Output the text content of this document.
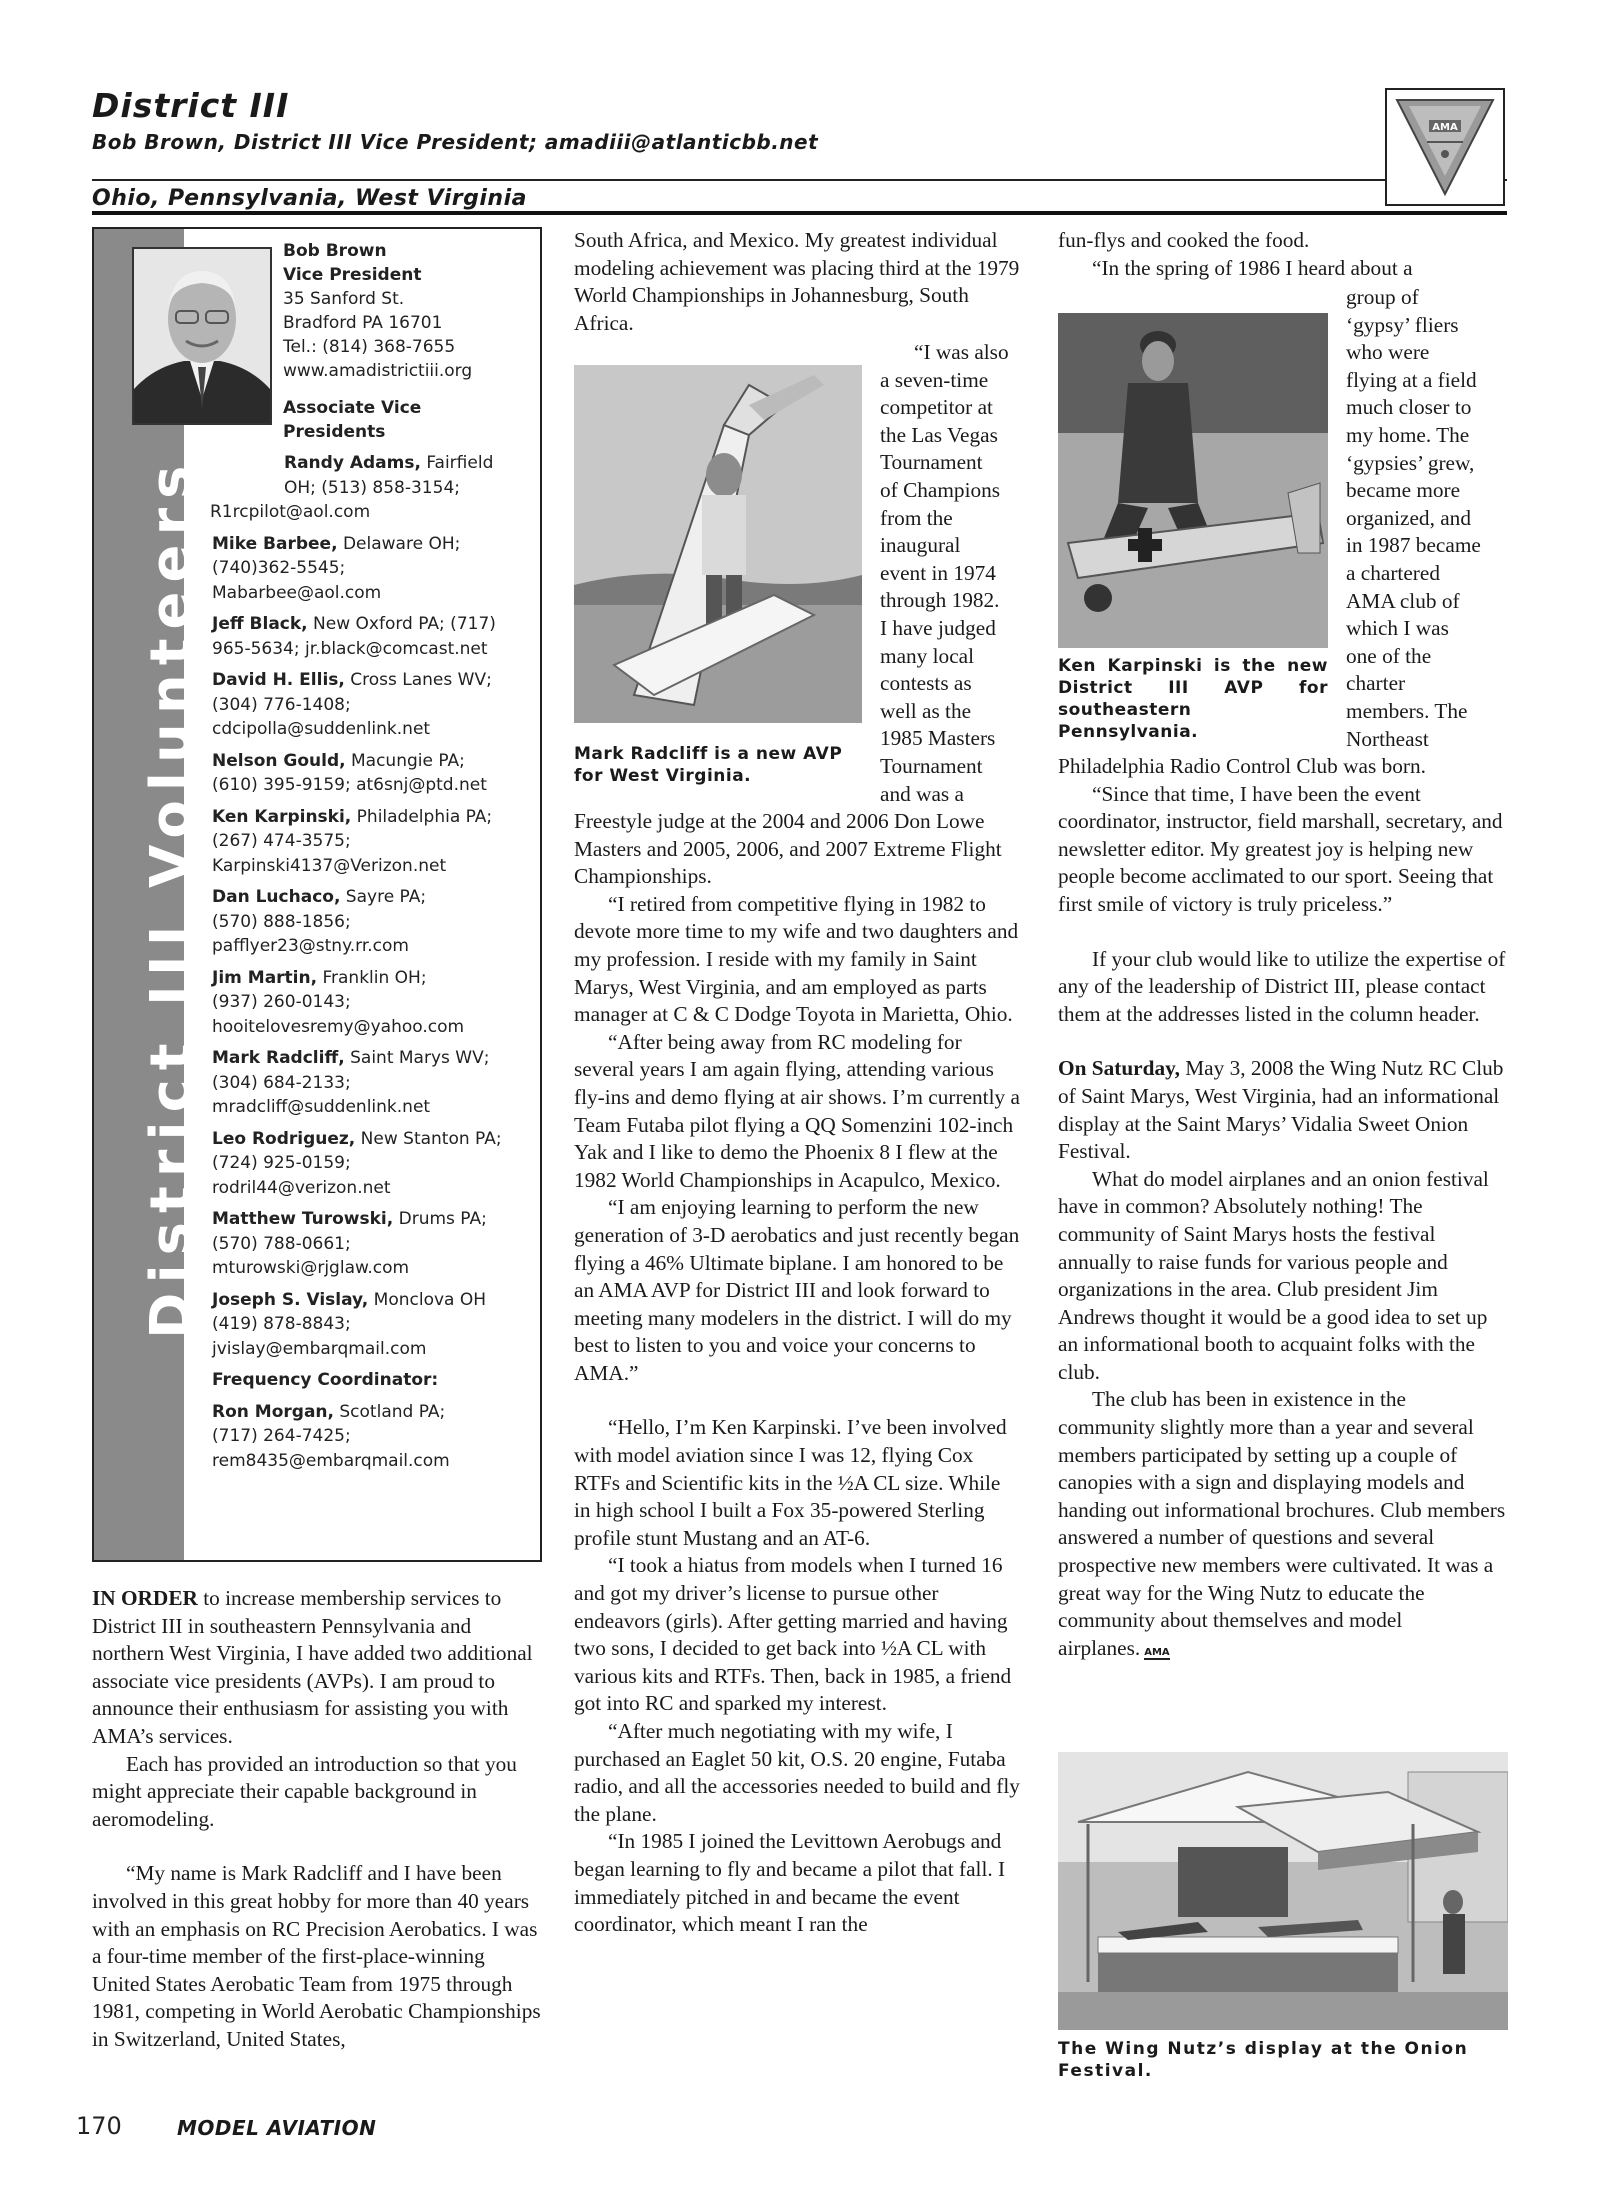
District III
Bob Brown, District III Vice President; amadiii@atlanticbb.net
Ohio, Pennsylvania, West Virginia
AMA
District III Volunteers
Bob Brown
Vice President
35 Sanford St.
Bradford PA 16701
Tel.: (814) 368-7655
www.amadistrictiii.org
Associate Vice
Presidents
Randy Adams, Fairfield
OH; (513) 858-3154;
R1rcpilot@aol.com
Mike Barbee, Delaware OH;
(740)362-5545;
Mabarbee@aol.com
Jeff Black, New Oxford PA; (717)
965-5634; jr.black@comcast.net
David H. Ellis, Cross Lanes WV;
(304) 776-1408;
cdcipolla@suddenlink.net
Nelson Gould, Macungie PA;
(610) 395-9159; at6snj@ptd.net
Ken Karpinski, Philadelphia PA;
(267) 474-3575;
Karpinski4137@Verizon.net
Dan Luchaco, Sayre PA;
(570) 888-1856;
pafflyer23@stny.rr.com
Jim Martin, Franklin OH;
(937) 260-0143;
hooitelovesremy@yahoo.com
Mark Radcliff, Saint Marys WV;
(304) 684-2133;
mradcliff@suddenlink.net
Leo Rodriguez, New Stanton PA;
(724) 925-0159;
rodril44@verizon.net
Matthew Turowski, Drums PA;
(570) 788-0661;
mturowski@rjglaw.com
Joseph S. Vislay, Monclova OH
(419) 878-8843;
jvislay@embarqmail.com
Frequency Coordinator:
Ron Morgan, Scotland PA;
(717) 264-7425;
rem8435@embarqmail.com

IN ORDER to increase membership services to District III in southeastern Pennsylvania and northern West Virginia, I have added two additional associate vice presidents (AVPs). I am proud to announce their enthusiasm for assisting you with AMA’s services.

Each has provided an introduction so that you might appreciate their capable background in aeromodeling.

“My name is Mark Radcliff and I have been involved in this great hobby for more than 40 years with an emphasis on RC Precision Aerobatics. I was a four-time member of the first-place-winning United States Aerobatic Team from 1975 through 1981, competing in World Aerobatic Championships in Switzerland, United States,

South Africa, and Mexico. My greatest individual modeling achievement was placing third at the 1979 World Championships in Johannesburg, South Africa.

Mark Radcliff is a new AVP for West Virginia.
“I was also
a seven-time
competitor at
the Las Vegas
Tournament
of Champions
from the
inaugural
event in 1974
through 1982.
I have judged
many local
contests as
well as the
1985 Masters
Tournament
and was a

Freestyle judge at the 2004 and 2006 Don Lowe Masters and 2005, 2006, and 2007 Extreme Flight Championships.

“I retired from competitive flying in 1982 to devote more time to my wife and two daughters and my profession. I reside with my family in Saint Marys, West Virginia, and am employed as parts manager at C & C Dodge Toyota in Marietta, Ohio.

“After being away from RC modeling for several years I am again flying, attending various fly-ins and demo flying at air shows. I’m currently a Team Futaba pilot flying a QQ Somenzini 102-inch Yak and I like to demo the Phoenix 8 I flew at the 1982 World Championships in Acapulco, Mexico.

“I am enjoying learning to perform the new generation of 3-D aerobatics and just recently began flying a 46% Ultimate biplane. I am honored to be an AMA AVP for District III and look forward to meeting many modelers in the district. I will do my best to listen to you and voice your concerns to AMA.”

“Hello, I’m Ken Karpinski. I’ve been involved with model aviation since I was 12, flying Cox RTFs and Scientific kits in the ½A CL size. While in high school I built a Fox 35-powered Sterling profile stunt Mustang and an AT-6.

“I took a hiatus from models when I turned 16 and got my driver’s license to pursue other endeavors (girls). After getting married and having two sons, I decided to get back into ½A CL with various kits and RTFs. Then, back in 1985, a friend got into RC and sparked my interest.

“After much negotiating with my wife, I purchased an Eaglet 50 kit, O.S. 20 engine, Futaba radio, and all the accessories needed to build and fly the plane.

“In 1985 I joined the Levittown Aerobugs and began learning to fly and became a pilot that fall. I immediately pitched in and became the event coordinator, which meant I ran the

fun-flys and cooked the food.

“In the spring of 1986 I heard about a

Ken Karpinski is the new District III AVP for southeastern Pennsylvania.
group of
‘gypsy’ fliers
who were
flying at a field
much closer to
my home. The
‘gypsies’ grew,
became more
organized, and
in 1987 became
a chartered
AMA club of
which I was
one of the
charter
members. The
Northeast

Philadelphia Radio Control Club was born.

“Since that time, I have been the event coordinator, instructor, field marshall, secretary, and newsletter editor. My greatest joy is helping new people become acclimated to our sport. Seeing that first smile of victory is truly priceless.”

If your club would like to utilize the expertise of any of the leadership of District III, please contact them at the addresses listed in the column header.

On Saturday, May 3, 2008 the Wing Nutz RC Club of Saint Marys, West Virginia, had an informational display at the Saint Marys’ Vidalia Sweet Onion Festival.

What do model airplanes and an onion festival have in common? Absolutely nothing! The community of Saint Marys hosts the festival annually to raise funds for various people and organizations in the area. Club president Jim Andrews thought it would be a good idea to set up an informational booth to acquaint folks with the club.

The club has been in existence in the community slightly more than a year and several members participated by setting up a couple of canopies with a sign and displaying models and handing out informational brochures. Club members answered a number of questions and several prospective new members were cultivated. It was a great way for the Wing Nutz to educate the community about themselves and model airplanes. AMA

The Wing Nutz’s display at the Onion Festival.
170	MODEL AVIATION
